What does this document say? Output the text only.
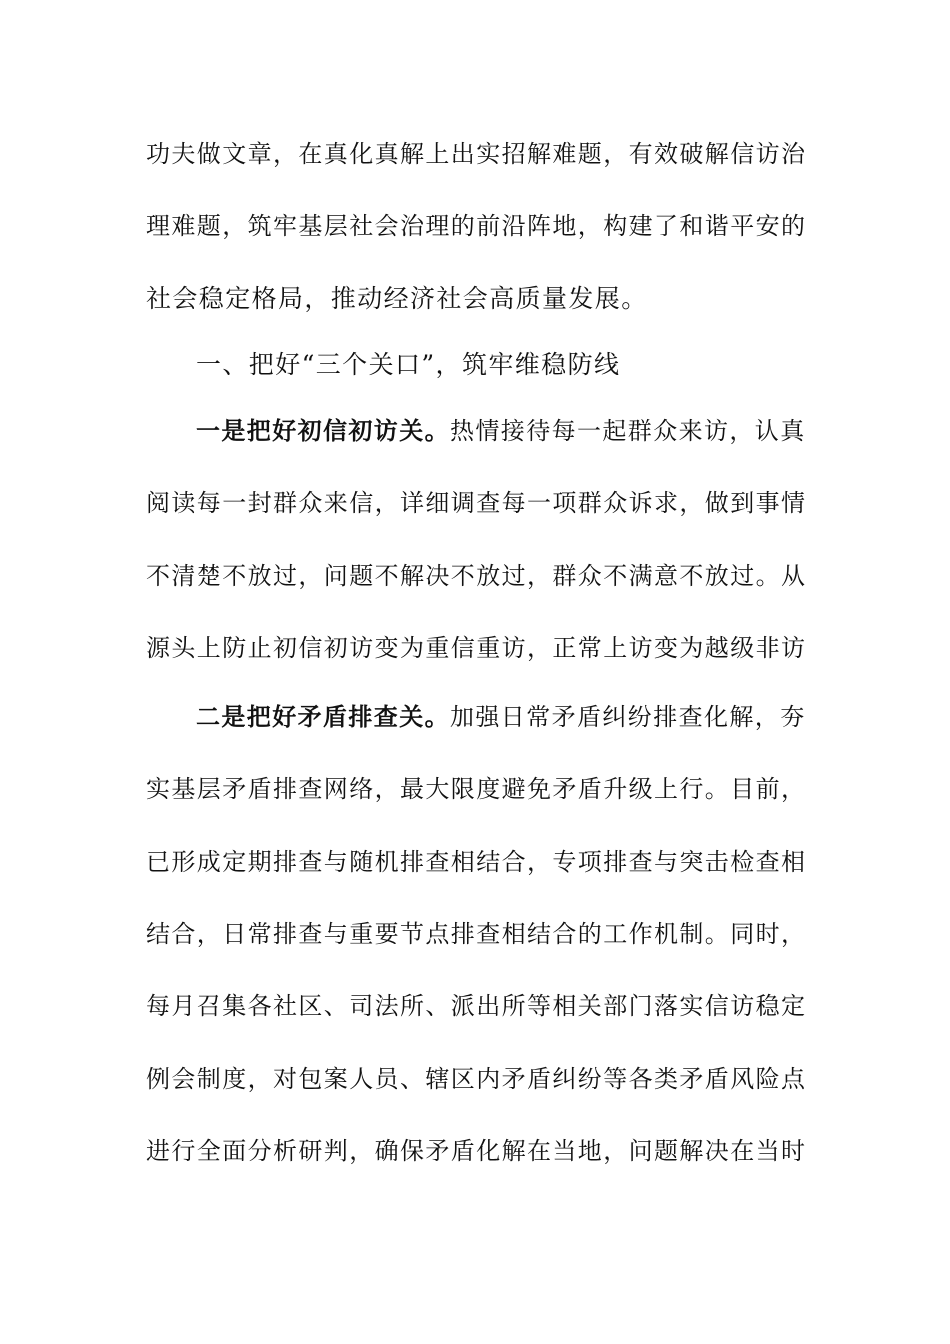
功夫做文章，在真化真解上出实招解难题，有效破解信访治
理难题，筑牢基层社会治理的前沿阵地，构建了和谐平安的
社会稳定格局，推动经济社会高质量发展。
一、把好“三个关口”，筑牢维稳防线
一是把好初信初访关。热情接待每一起群众来访，认真
阅读每一封群众来信，详细调查每一项群众诉求，做到事情
不清楚不放过，问题不解决不放过，群众不满意不放过。从
源头上防止初信初访变为重信重访，正常上访变为越级非访
二是把好矛盾排查关。加强日常矛盾纠纷排查化解，夯
实基层矛盾排查网络，最大限度避免矛盾升级上行。目前，
已形成定期排查与随机排查相结合，专项排查与突击检查相
结合，日常排查与重要节点排查相结合的工作机制。同时，
每月召集各社区、司法所、派出所等相关部门落实信访稳定
例会制度，对包案人员、辖区内矛盾纠纷等各类矛盾风险点
进行全面分析研判，确保矛盾化解在当地，问题解决在当时
